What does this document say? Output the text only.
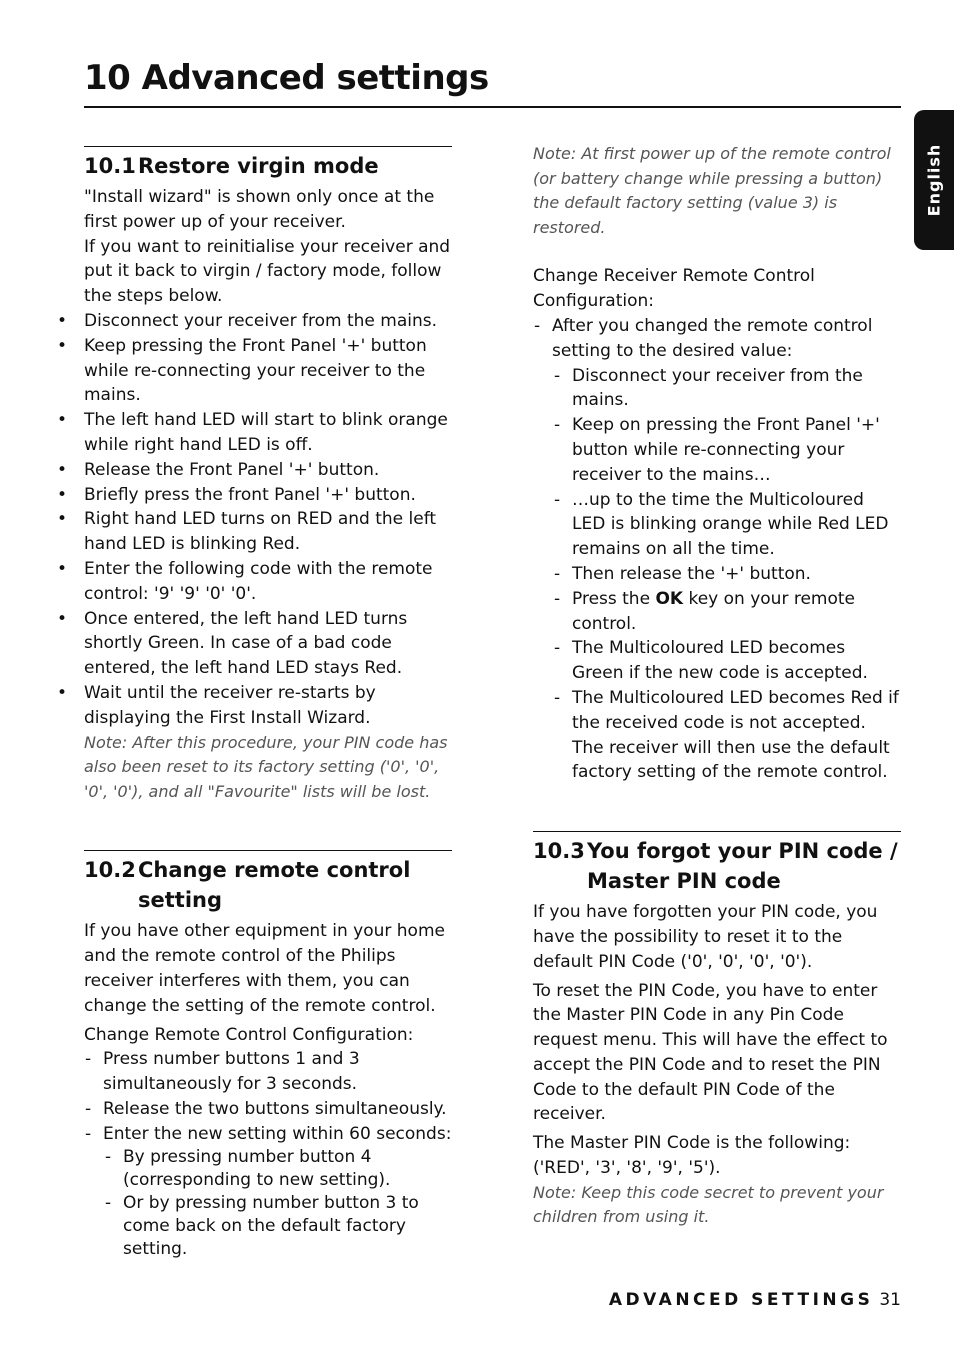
10 Advanced settings
English
10.1 Restore virgin mode

"Install wizard" is shown only once at the first power up of your receiver.

If you want to reinitialise your receiver and put it back to virgin / factory mode, follow the steps below.

• Disconnect your receiver from the mains.
• Keep pressing the Front Panel '+' button while re-connecting your receiver to the mains.
• The left hand LED will start to blink orange while right hand LED is off.
• Release the Front Panel '+' button.
• Briefly press the front Panel '+' button.
• Right hand LED turns on RED and the left hand LED is blinking Red.
• Enter the following code with the remote control: '9' '9' '0' '0'.
• Once entered, the left hand LED turns shortly Green. In case of a bad code entered, the left hand LED stays Red.
• Wait until the receiver re-starts by displaying the First Install Wizard.

Note: After this procedure, your PIN code has also been reset to its factory setting ('0', '0', '0', '0'), and all "Favourite" lists will be lost.

10.2 Change remote control setting

If you have other equipment in your home and the remote control of the Philips receiver interferes with them, you can change the setting of the remote control.

Change Remote Control Configuration:

- Press number buttons 1 and 3 simultaneously for 3 seconds.
- Release the two buttons simultaneously.
- Enter the new setting within 60 seconds:
- By pressing number button 4 (corresponding to new setting).
- Or by pressing number button 3 to come back on the default factory setting.

Note: At first power up of the remote control (or battery change while pressing a button) the default factory setting (value 3) is restored.

Change Receiver Remote Control Configuration:

- After you changed the remote control setting to the desired value:
- Disconnect your receiver from the mains.
- Keep on pressing the Front Panel '+' button while re-connecting your receiver to the mains…
- …up to the time the Multicoloured LED is blinking orange while Red LED remains on all the time.
- Then release the '+' button.
- Press the OK key on your remote control.
- The Multicoloured LED becomes Green if the new code is accepted.
- The Multicoloured LED becomes Red if the received code is not accepted. The receiver will then use the default factory setting of the remote control.
10.3 You forgot your PIN code / Master PIN code

If you have forgotten your PIN code, you have the possibility to reset it to the default PIN Code ('0', '0', '0', '0').

To reset the PIN Code, you have to enter the Master PIN Code in any Pin Code request menu. This will have the effect to accept the PIN Code and to reset the PIN Code to the default PIN Code of the receiver.

The Master PIN Code is the following: ('RED', '3', '8', '9', '5').

Note: Keep this code secret to prevent your children from using it.

ADVANCED SETTINGS 31
